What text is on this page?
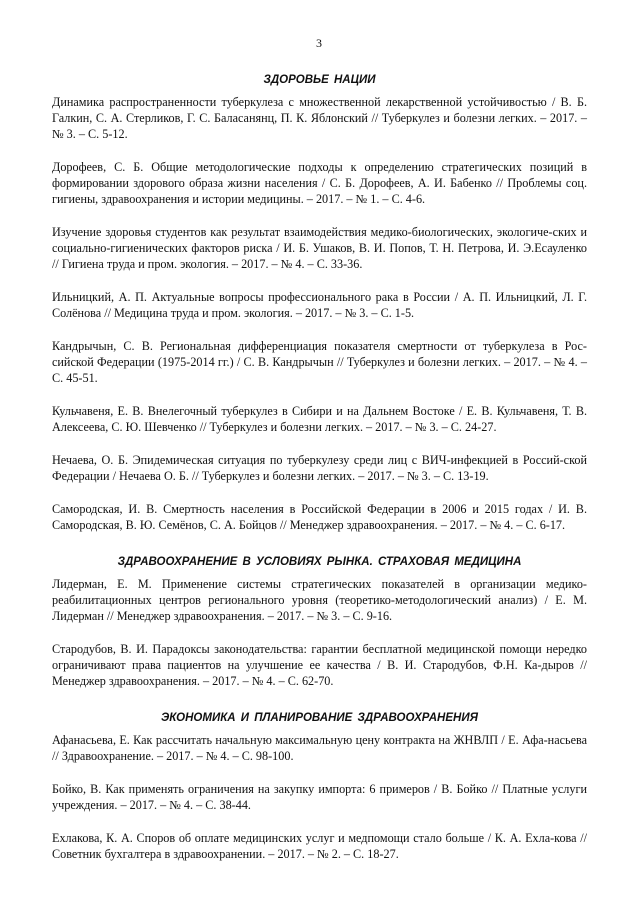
3
ЗДОРОВЬЕ НАЦИИ

Динамика распространенности туберкулеза с множественной лекарственной устойчивостью / В. Б. Галкин, С. А. Стерликов, Г. С. Баласанянц, П. К. Яблонский // Туберкулез и болезни легких. – 2017. – № 3. – С. 5-12.

Дорофеев, С. Б. Общие методологические подходы к определению стратегических позиций в формировании здорового образа жизни населения / С. Б. Дорофеев, А. И. Бабенко // Проблемы соц. гигиены, здравоохранения и истории медицины. – 2017. – № 1. – С. 4-6.

Изучение здоровья студентов как результат взаимодействия медико-биологических, экологиче-ских и социально-гигиенических факторов риска / И. Б. Ушаков, В. И. Попов, Т. Н. Петрова, И. Э.Есауленко // Гигиена труда и пром. экология. – 2017. – № 4. – С. 33-36.

Ильницкий, А. П. Актуальные вопросы профессионального рака в России / А. П. Ильницкий, Л. Г. Солёнова // Медицина труда и пром. экология. – 2017. – № 3. – С. 1-5.

Кандрычын, С. В. Региональная дифференциация показателя смертности от туберкулеза в Рос-сийской Федерации (1975-2014 гг.) / С. В. Кандрычын // Туберкулез и болезни легких. – 2017. – № 4. – С. 45-51.

Кульчавеня, Е. В. Внелегочный туберкулез в Сибири и на Дальнем Востоке / Е. В. Кульчавеня, Т. В. Алексеева, С. Ю. Шевченко // Туберкулез и болезни легких. – 2017. – № 3. – С. 24-27.

Нечаева, О. Б. Эпидемическая ситуация по туберкулезу среди лиц с ВИЧ-инфекцией в Россий-ской Федерации / Нечаева О. Б. // Туберкулез и болезни легких. – 2017. – № 3. – С. 13-19.

Самородская, И. В. Смертность населения в Российской Федерации в 2006 и 2015 годах / И. В. Самородская, В. Ю. Семёнов, С. А. Бойцов // Менеджер здравоохранения. – 2017. – № 4. – С. 6-17.

ЗДРАВООХРАНЕНИЕ В УСЛОВИЯХ РЫНКА. СТРАХОВАЯ МЕДИЦИНА

Лидерман, Е. М. Применение системы стратегических показателей в организации медико-реабилитационных центров регионального уровня (теоретико-методологический анализ) / Е. М. Лидерман // Менеджер здравоохранения. – 2017. – № 3. – С. 9-16.

Стародубов, В. И. Парадоксы законодательства: гарантии бесплатной медицинской помощи нередко ограничивают права пациентов на улучшение ее качества / В. И. Стародубов, Ф.Н. Ка-дыров // Менеджер здравоохранения. – 2017. – № 4. – С. 62-70.

ЭКОНОМИКА И ПЛАНИРОВАНИЕ ЗДРАВООХРАНЕНИЯ

Афанасьева, Е. Как рассчитать начальную максимальную цену контракта на ЖНВЛП / Е. Афа-насьева // Здравоохранение. – 2017. – № 4. – С. 98-100.

Бойко, В. Как применять ограничения на закупку импорта: 6 примеров / В. Бойко // Платные услуги учреждения. – 2017. – № 4. – С. 38-44.

Ехлакова, К. А. Споров об оплате медицинских услуг и медпомощи стало больше / К. А. Ехла-кова // Советник бухгалтера в здравоохранении. – 2017. – № 2. – С. 18-27.
